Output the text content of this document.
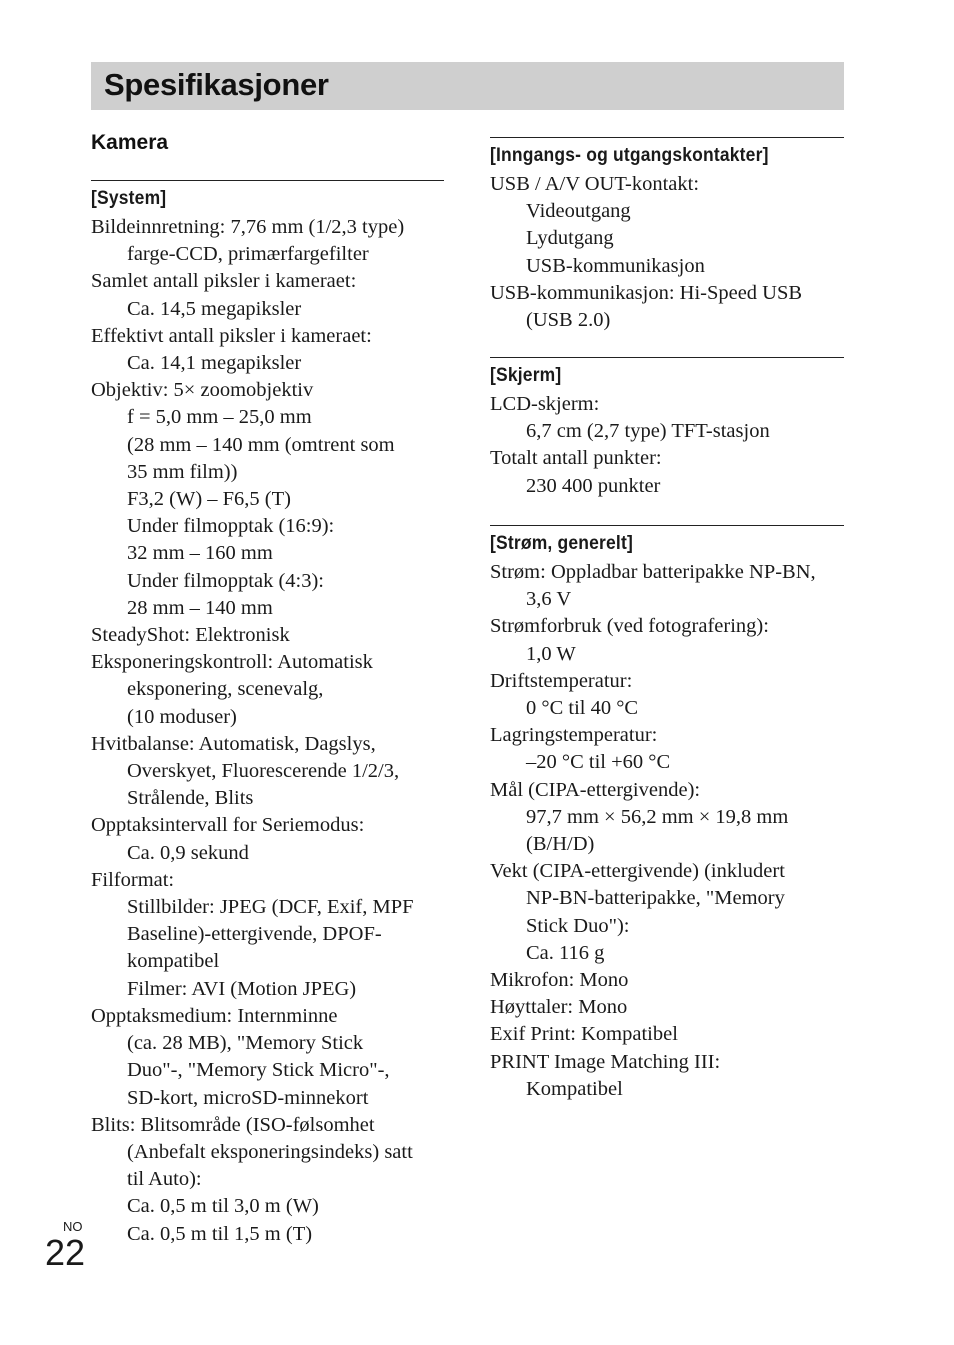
Spesifikasjoner
Kamera
[System]
Bildeinnretning: 7,76 mm (1/2,3 type)
farge-CCD, primærfargefilter
Samlet antall piksler i kameraet:
Ca. 14,5 megapiksler
Effektivt antall piksler i kameraet:
Ca. 14,1 megapiksler
Objektiv: 5× zoomobjektiv
f = 5,0 mm – 25,0 mm
(28 mm – 140 mm (omtrent som
35 mm film))
F3,2 (W) – F6,5 (T)
Under filmopptak (16:9):
32 mm – 160 mm
Under filmopptak (4:3):
28 mm – 140 mm
SteadyShot: Elektronisk
Eksponeringskontroll: Automatisk
eksponering, scenevalg,
(10 moduser)
Hvitbalanse: Automatisk, Dagslys,
Overskyet, Fluorescerende 1/2/3,
Strålende, Blits
Opptaksintervall for Seriemodus:
Ca. 0,9 sekund
Filformat:
Stillbilder: JPEG (DCF, Exif, MPF
Baseline)-ettergivende, DPOF-
kompatibel
Filmer: AVI (Motion JPEG)
Opptaksmedium: Internminne
(ca. 28 MB), "Memory Stick
Duo"-, "Memory Stick Micro"-,
SD-kort, microSD-minnekort
Blits: Blitsområde (ISO-følsomhet
(Anbefalt eksponeringsindeks) satt
til Auto):
Ca. 0,5 m til 3,0 m (W)
Ca. 0,5 m til 1,5 m (T)
[Inngangs- og utgangskontakter]
USB / A/V OUT-kontakt:
Videoutgang
Lydutgang
USB-kommunikasjon
USB-kommunikasjon: Hi-Speed USB
(USB 2.0)
[Skjerm]
LCD-skjerm:
6,7 cm (2,7 type) TFT-stasjon
Totalt antall punkter:
230 400 punkter
[Strøm, generelt]
Strøm: Oppladbar batteripakke NP-BN,
3,6 V
Strømforbruk (ved fotografering):
1,0 W
Driftstemperatur:
0 °C til 40 °C
Lagringstemperatur:
–20 °C til +60 °C
Mål (CIPA-ettergivende):
97,7 mm × 56,2 mm × 19,8 mm
(B/H/D)
Vekt (CIPA-ettergivende) (inkludert
NP-BN-batteripakke, "Memory
Stick Duo"):
Ca. 116 g
Mikrofon: Mono
Høyttaler: Mono
Exif Print: Kompatibel
PRINT Image Matching III:
Kompatibel
NO
22
